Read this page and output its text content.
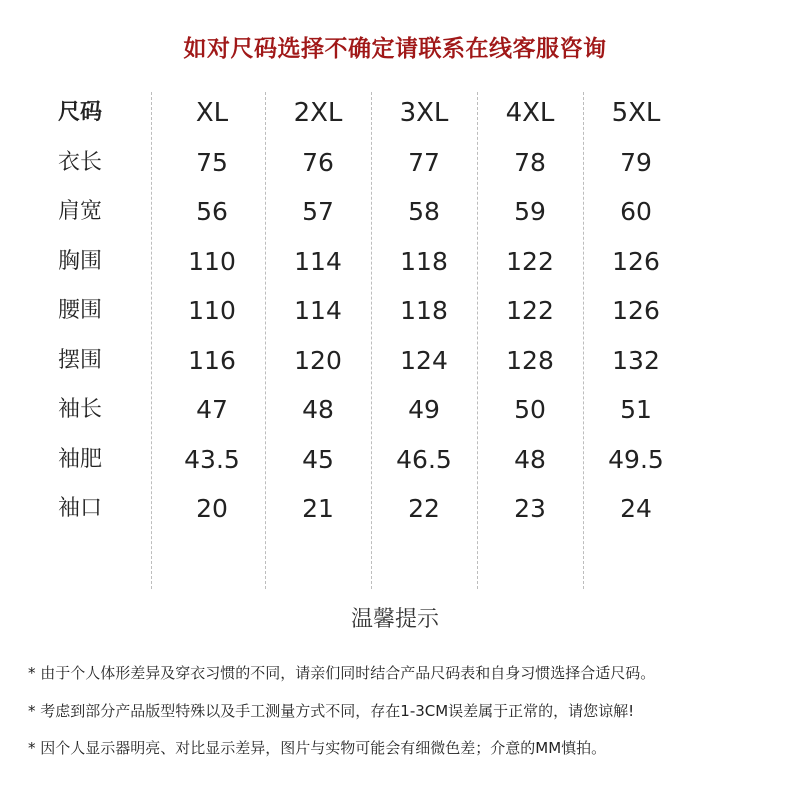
如对尺码选择不确定请联系在线客服咨询
尺码	XL	2XL	3XL	4XL	5XL
衣长	75	76	77	78	79
肩宽	56	57	58	59	60
胸围	110	114	118	122	126
腰围	110	114	118	122	126
摆围	116	120	124	128	132
袖长	47	48	49	50	51
袖肥	43.5	45	46.5	48	49.5
袖口	20	21	22	23	24
温馨提示
* 由于个人体形差异及穿衣习惯的不同，请亲们同时结合产品尺码表和自身习惯选择合适尺码。
* 考虑到部分产品版型特殊以及手工测量方式不同，存在1-3CM误差属于正常的，请您谅解!
* 因个人显示器明亮、对比显示差异，图片与实物可能会有细微色差；介意的MM慎拍。
